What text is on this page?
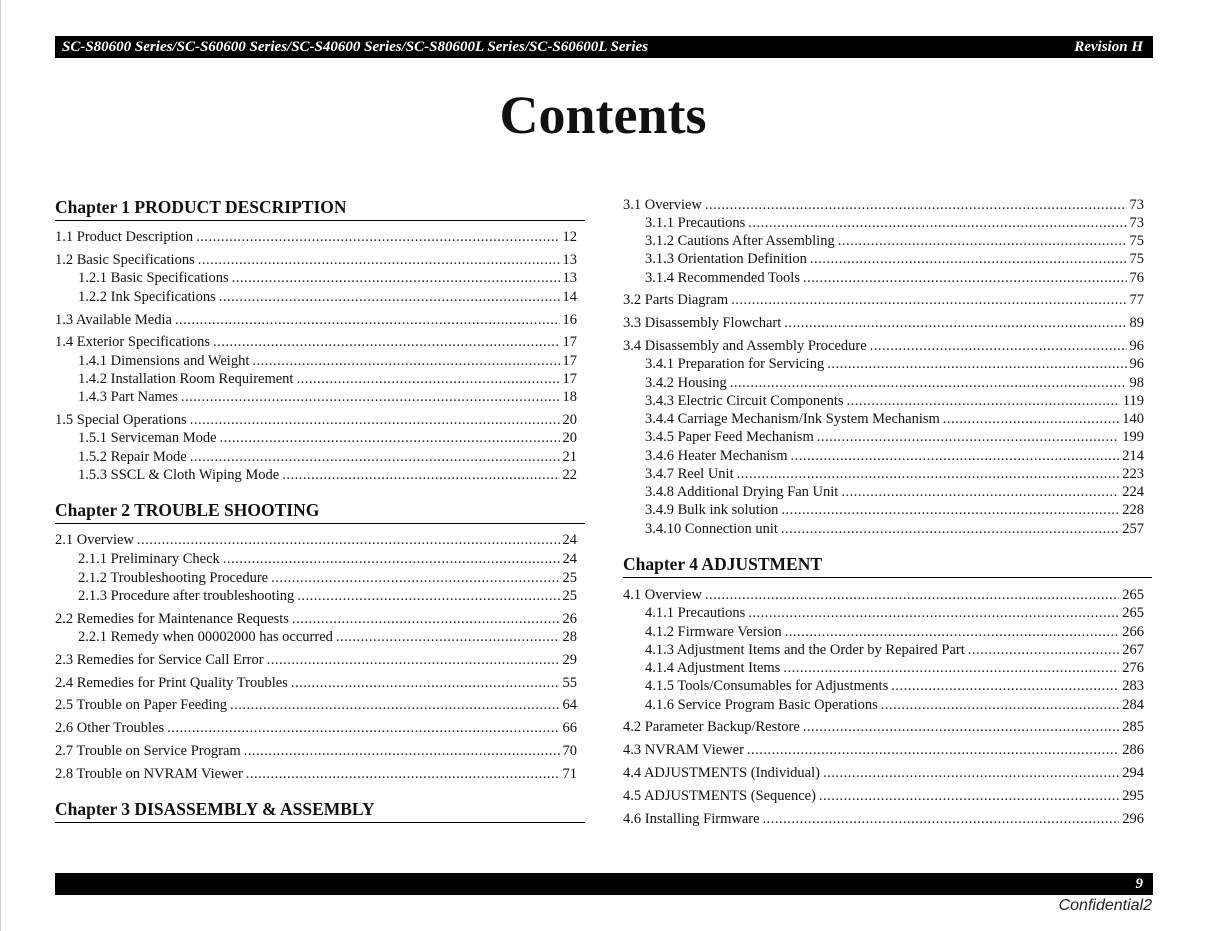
SC-S80600 Series/SC-S60600 Series/SC-S40600 Series/SC-S80600L Series/SC-S60600L Series	Revision H
Contents
Chapter 1 PRODUCT DESCRIPTION
1.1 Product Description .....	12
1.2 Basic Specifications .....	13
1.2.1 Basic Specifications .....	13
1.2.2 Ink Specifications .....	14
1.3 Available Media .....	16
1.4 Exterior Specifications .....	17
1.4.1 Dimensions and Weight .....	17
1.4.2 Installation Room Requirement .....	17
1.4.3 Part Names .....	18
1.5 Special Operations .....	20
1.5.1 Serviceman Mode .....	20
1.5.2 Repair Mode .....	21
1.5.3 SSCL & Cloth Wiping Mode .....	22
Chapter 2 TROUBLE SHOOTING
2.1 Overview .....	24
2.1.1 Preliminary Check .....	24
2.1.2 Troubleshooting Procedure .....	25
2.1.3 Procedure after troubleshooting .....	25
2.2 Remedies for Maintenance Requests .....	26
2.2.1 Remedy when 00002000 has occurred .....	28
2.3 Remedies for Service Call Error .....	29
2.4 Remedies for Print Quality Troubles .....	55
2.5 Trouble on Paper Feeding .....	64
2.6 Other Troubles .....	66
2.7 Trouble on Service Program .....	70
2.8 Trouble on NVRAM Viewer .....	71
Chapter 3 DISASSEMBLY & ASSEMBLY
3.1 Overview .....	73
3.1.1 Precautions .....	73
3.1.2 Cautions After Assembling .....	75
3.1.3 Orientation Definition .....	75
3.1.4 Recommended Tools .....	76
3.2 Parts Diagram .....	77
3.3 Disassembly Flowchart .....	89
3.4 Disassembly and Assembly Procedure .....	96
3.4.1 Preparation for Servicing .....	96
3.4.2 Housing .....	98
3.4.3 Electric Circuit Components .....	119
3.4.4 Carriage Mechanism/Ink System Mechanism .....	140
3.4.5 Paper Feed Mechanism .....	199
3.4.6 Heater Mechanism .....	214
3.4.7 Reel Unit .....	223
3.4.8 Additional Drying Fan Unit .....	224
3.4.9 Bulk ink solution .....	228
3.4.10 Connection unit .....	257
Chapter 4 ADJUSTMENT
4.1 Overview .....	265
4.1.1 Precautions .....	265
4.1.2 Firmware Version .....	266
4.1.3 Adjustment Items and the Order by Repaired Part .....	267
4.1.4 Adjustment Items .....	276
4.1.5 Tools/Consumables for Adjustments .....	283
4.1.6 Service Program Basic Operations .....	284
4.2 Parameter Backup/Restore .....	285
4.3 NVRAM Viewer .....	286
4.4 ADJUSTMENTS (Individual) .....	294
4.5 ADJUSTMENTS (Sequence) .....	295
4.6 Installing Firmware .....	296
9
Confidential2
